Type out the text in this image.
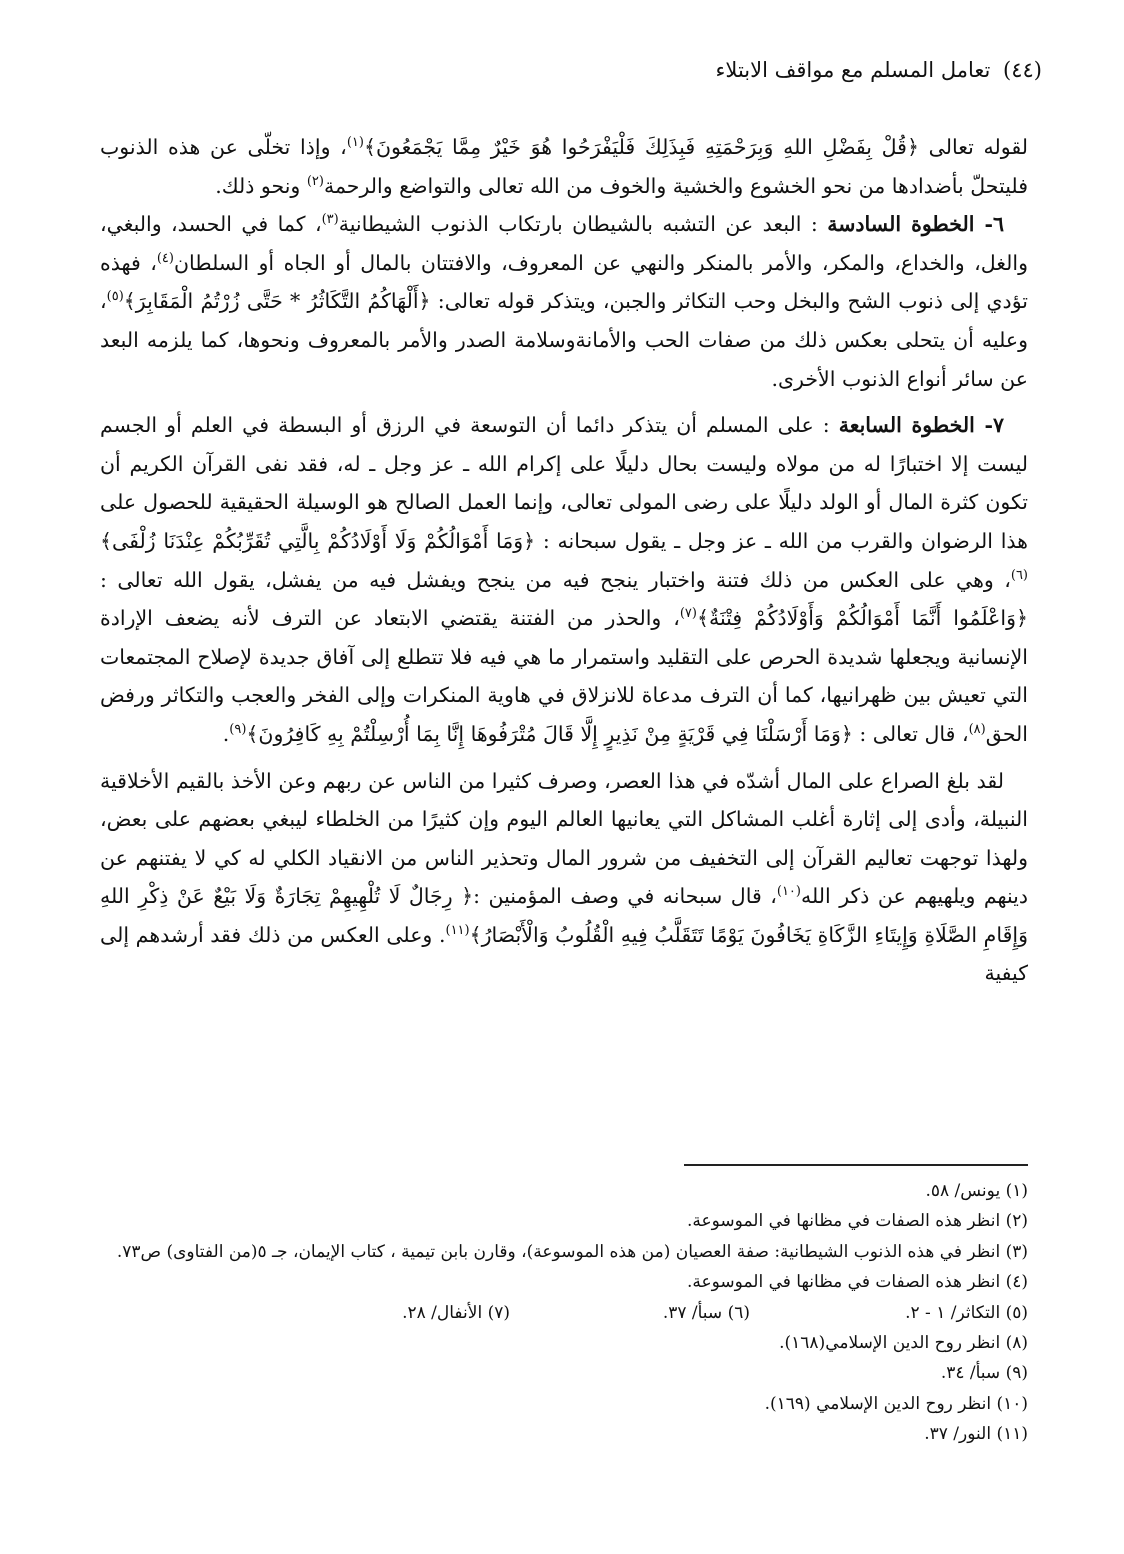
(٤٤) تعامل المسلم مع مواقف الابتلاء

لقوله تعالى ﴿قُلْ بِفَضْلِ اللهِ وَبِرَحْمَتِهِ فَبِذَلِكَ فَلْيَفْرَحُوا هُوَ خَيْرٌ مِمَّا يَجْمَعُونَ﴾$^{(١)}$، وإذا تخلّى عن هذه الذنوب فليتحلّ بأضدادها من نحو الخشوع والخشية والخوف من الله تعالى والتواضع والرحمة$^{(٢)}$ ونحو ذلك.

٦- الخطوة السادسة : البعد عن التشبه بالشيطان بارتكاب الذنوب الشيطانية$^{(٣)}$، كما في الحسد، والبغي، والغل، والخداع، والمكر، والأمر بالمنكر والنهي عن المعروف، والافتتان بالمال أو الجاه أو السلطان$^{(٤)}$، فهذه تؤدي إلى ذنوب الشح والبخل وحب التكاثر والجبن، ويتذكر قوله تعالى: ﴿أَلْهَاكُمُ التَّكَاثُرُ * حَتَّى زُرْتُمُ الْمَقَابِرَ﴾$^{(٥)}$، وعليه أن يتحلى بعكس ذلك من صفات الحب والأمانةوسلامة الصدر والأمر بالمعروف ونحوها، كما يلزمه البعد عن سائر أنواع الذنوب الأخرى.

٧- الخطوة السابعة : على المسلم أن يتذكر دائما أن التوسعة في الرزق أو البسطة في العلم أو الجسم ليست إلا اختبارًا له من مولاه وليست بحال دليلًا على إكرام الله ـ عز وجل ـ له، فقد نفى القرآن الكريم أن تكون كثرة المال أو الولد دليلًا على رضى المولى تعالى، وإنما العمل الصالح هو الوسيلة الحقيقية للحصول على هذا الرضوان والقرب من الله ـ عز وجل ـ يقول سبحانه : ﴿وَمَا أَمْوَالُكُمْ وَلَا أَوْلَادُكُمْ بِالَّتِي تُقَرِّبُكُمْ عِنْدَنَا زُلْفَى﴾$^{(٦)}$، وهي على العكس من ذلك فتنة واختبار ينجح فيه من ينجح ويفشل فيه من يفشل، يقول الله تعالى :﴿وَاعْلَمُوا أَنَّمَا أَمْوَالُكُمْ وَأَوْلَادُكُمْ فِتْنَةٌ﴾$^{(٧)}$، والحذر من الفتنة يقتضي الابتعاد عن الترف لأنه يضعف الإرادة الإنسانية ويجعلها شديدة الحرص على التقليد واستمرار ما هي فيه فلا تتطلع إلى آفاق جديدة لإصلاح المجتمعات التي تعيش بين ظهرانيها، كما أن الترف مدعاة للانزلاق في هاوية المنكرات وإلى الفخر والعجب والتكاثر ورفض الحق$^{(٨)}$، قال تعالى : ﴿وَمَا أَرْسَلْنَا فِي قَرْيَةٍ مِنْ نَذِيرٍ إِلَّا قَالَ مُتْرَفُوهَا إِنَّا بِمَا أُرْسِلْتُمْ بِهِ كَافِرُونَ﴾$^{(٩)}$.

لقد بلغ الصراع على المال أشدّه في هذا العصر، وصرف كثيرا من الناس عن ربهم وعن الأخذ بالقيم الأخلاقية النبيلة، وأدى إلى إثارة أغلب المشاكل التي يعانيها العالم اليوم وإن كثيرًا من الخلطاء ليبغي بعضهم على بعض، ولهذا توجهت تعاليم القرآن إلى التخفيف من شرور المال وتحذير الناس من الانقياد الكلي له كي لا يفتنهم عن دينهم ويلهيهم عن ذكر الله$^{(١٠)}$، قال سبحانه في وصف المؤمنين :﴿ رِجَالٌ لَا تُلْهِيهِمْ تِجَارَةٌ وَلَا بَيْعٌ عَنْ ذِكْرِ اللهِ وَإِقَامِ الصَّلَاةِ وَإِيتَاءِ الزَّكَاةِ يَخَافُونَ يَوْمًا تَتَقَلَّبُ فِيهِ الْقُلُوبُ وَالْأَبْصَارُ﴾$^{(١١)}$. وعلى العكس من ذلك فقد أرشدهم إلى كيفية

(١) يونس/ ٥٨.
(٢) انظر هذه الصفات في مظانها في الموسوعة.
(٣) انظر في هذه الذنوب الشيطانية: صفة العصيان (من هذه الموسوعة)، وقارن بابن تيمية ، كتاب الإيمان، جـ ٥(من الفتاوى) ص٧٣.
(٤) انظر هذه الصفات في مظانها في الموسوعة.
(٥) التكاثر/ ١ - ٢.
(٦) سبأ/ ٣٧.
(٧) الأنفال/ ٢٨.
(٨) انظر روح الدين الإسلامي(١٦٨).
(٩) سبأ/ ٣٤.
(١٠) انظر روح الدين الإسلامي (١٦٩).
(١١) النور/ ٣٧.
